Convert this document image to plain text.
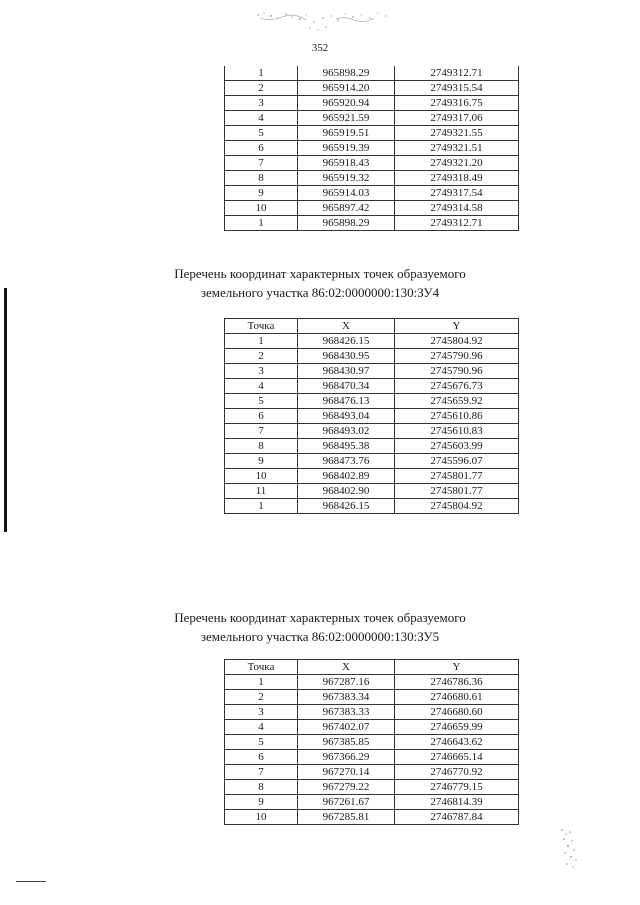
352
1	965898.29	2749312.71
2	965914.20	2749315.54
3	965920.94	2749316.75
4	965921.59	2749317.06
5	965919.51	2749321.55
6	965919.39	2749321.51
7	965918.43	2749321.20
8	965919.32	2749318.49
9	965914.03	2749317.54
10	965897.42	2749314.58
1	965898.29	2749312.71
Перечень координат характерных точек образуемого
земельного участка 86:02:0000000:130:ЗУ4
Точка	X	Y
1	968426.15	2745804.92
2	968430.95	2745790.96
3	968430.97	2745790.96
4	968470.34	2745676.73
5	968476.13	2745659.92
6	968493.04	2745610.86
7	968493.02	2745610.83
8	968495.38	2745603.99
9	968473.76	2745596.07
10	968402.89	2745801.77
11	968402.90	2745801.77
1	968426.15	2745804.92
Перечень координат характерных точек образуемого
земельного участка 86:02:0000000:130:ЗУ5
Точка	X	Y
1	967287.16	2746786.36
2	967383.34	2746680.61
3	967383.33	2746680.60
4	967402.07	2746659.99
5	967385.85	2746643.62
6	967366.29	2746665.14
7	967270.14	2746770.92
8	967279.22	2746779.15
9	967261.67	2746814.39
10	967285.81	2746787.84
